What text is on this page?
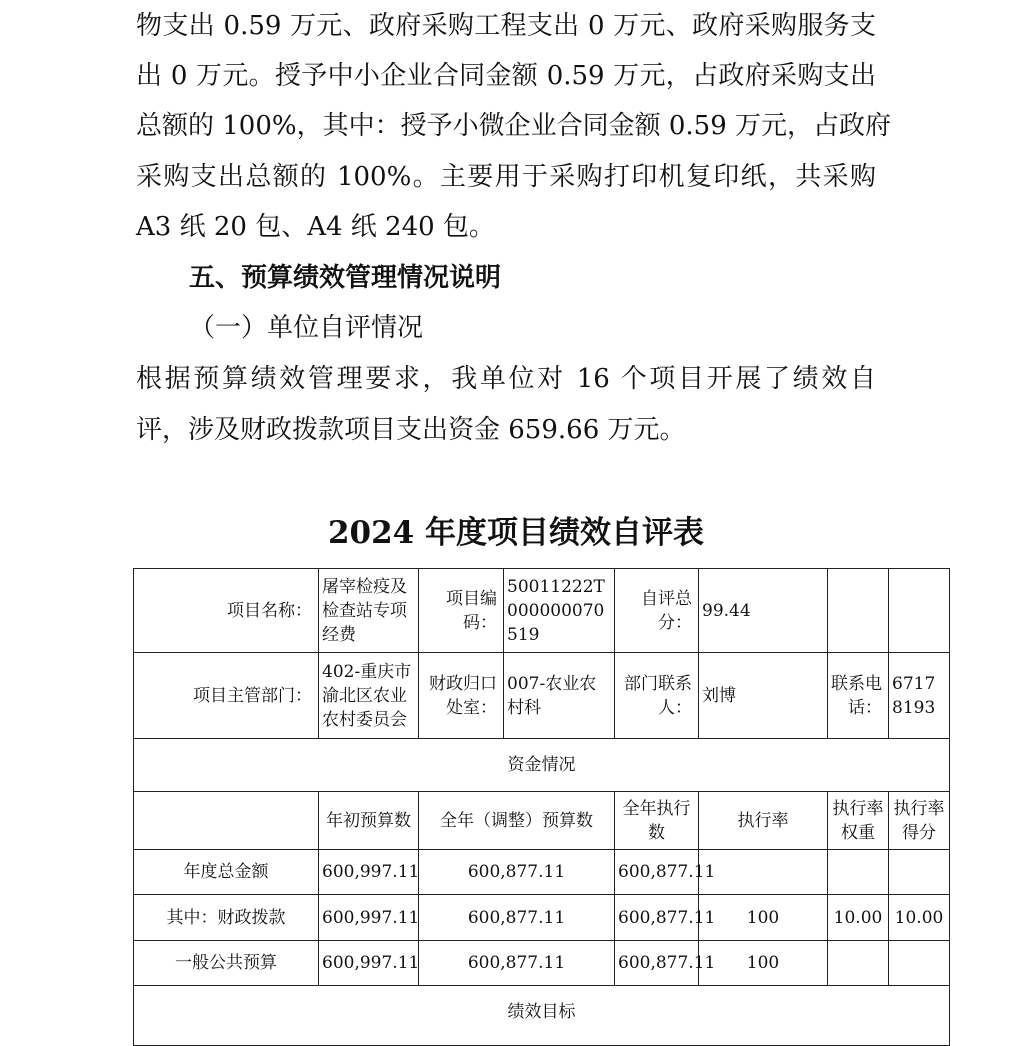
物支出 0.59 万元、政府采购工程支出 0 万元、政府采购服务支
出 0 万元。授予中小企业合同金额 0.59 万元，占政府采购支出
总额的 100%，其中：授予小微企业合同金额 0.59 万元，占政府
采购支出总额的 100%。主要用于采购打印机复印纸，共采购
A3 纸 20 包、A4 纸 240 包。
五、预算绩效管理情况说明
（一）单位自评情况
根据预算绩效管理要求，我单位对 16 个项目开展了绩效自
评，涉及财政拨款项目支出资金 659.66 万元。
2024 年度项目绩效自评表
项目名称：	屠宰检疫及检查站专项经费	项目编码：	50011222T000000070519	自评总分：	99.44		
项目主管部门：	402-重庆市渝北区农业农村委员会	财政归口处室：	007-农业农村科	部门联系人：	刘博	联系电话：	67178193
资金情况							
	年初预算数	全年（调整）预算数		全年执行数	执行率	执行率权重	执行率得分
年度总金额	600,997.11	600,877.11		600,877.11			
其中：财政拨款	600,997.11	600,877.11		600,877.11	100	10.00	10.00
一般公共预算	600,997.11	600,877.11		600,877.11	100		
绩效目标							
